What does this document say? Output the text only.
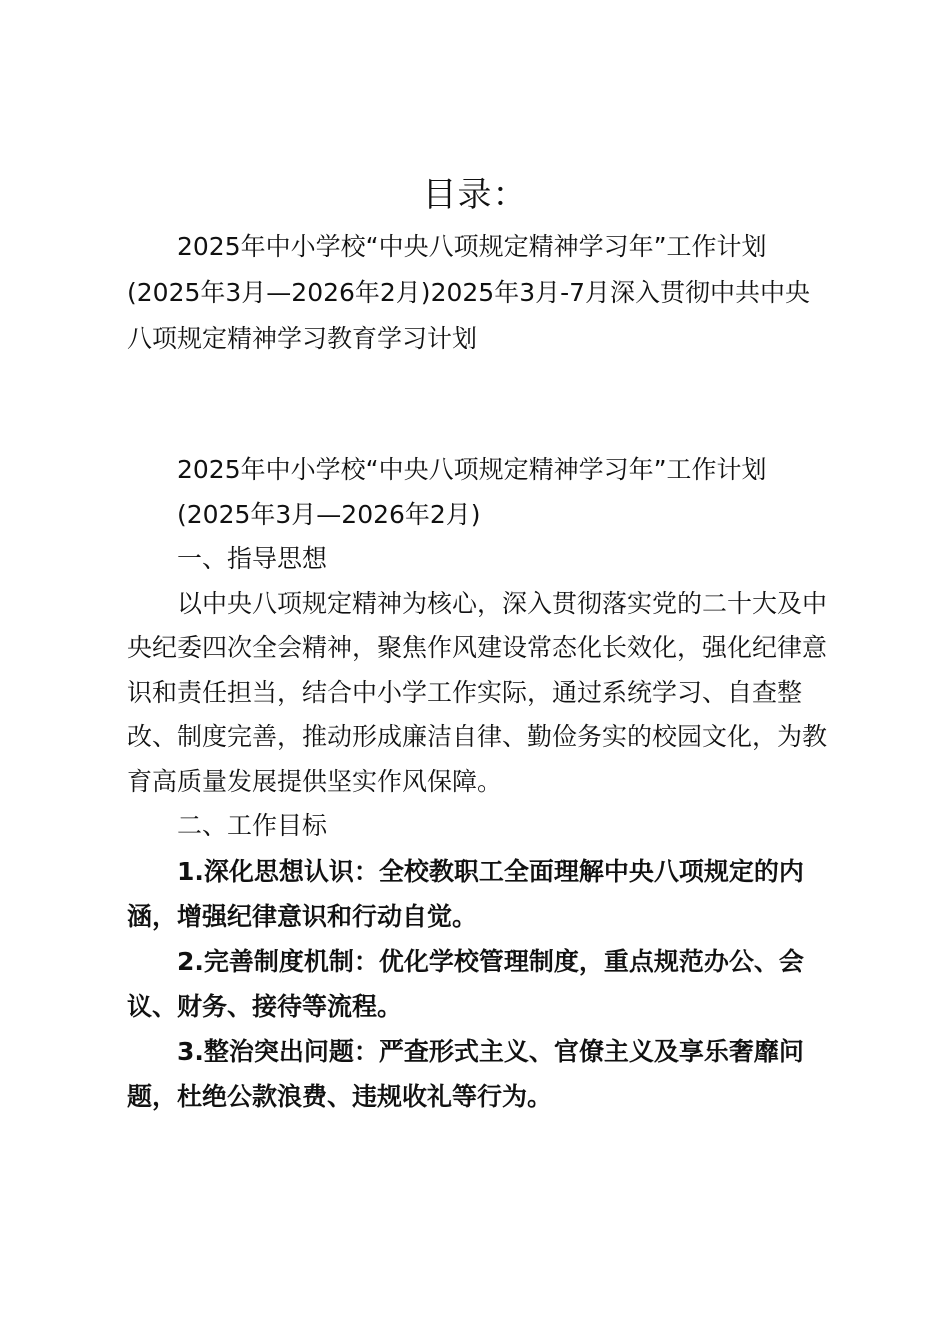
目录：
2025年中小学校“中央八项规定精神学习年”工作计划(2025年3月—2026年2月)2025年3月-7月深入贯彻中共中央八项规定精神学习教育学习计划

2025年中小学校“中央八项规定精神学习年”工作计划

(2025年3月—2026年2月)

一、指导思想

以中央八项规定精神为核心，深入贯彻落实党的二十大及中央纪委四次全会精神，聚焦作风建设常态化长效化，强化纪律意识和责任担当，结合中小学工作实际，通过系统学习、自查整改、制度完善，推动形成廉洁自律、勤俭务实的校园文化，为教育高质量发展提供坚实作风保障。

二、工作目标

1.深化思想认识：全校教职工全面理解中央八项规定的内涵，增强纪律意识和行动自觉。

2.完善制度机制：优化学校管理制度，重点规范办公、会议、财务、接待等流程。

3.整治突出问题：严查形式主义、官僚主义及享乐奢靡问题，杜绝公款浪费、违规收礼等行为。
